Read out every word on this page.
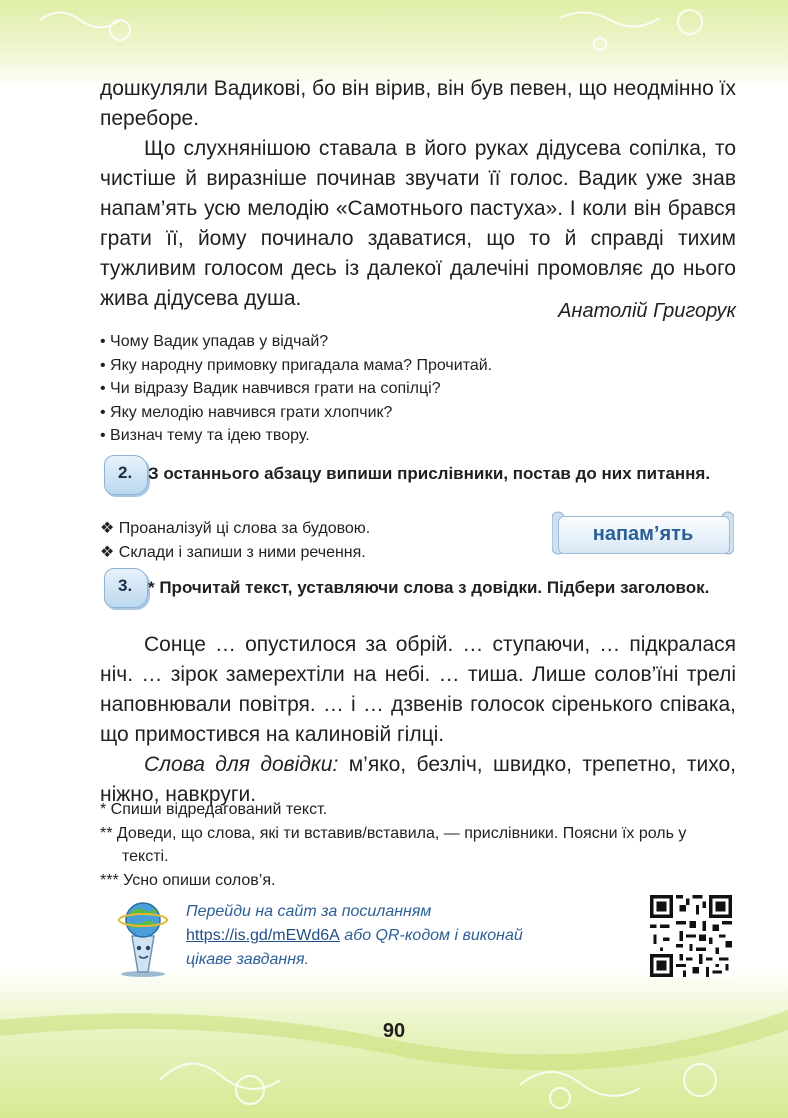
дошкуляли Вадикові, бо він вірив, він був певен, що неодмінно їх переборе.

Що слухнянішою ставала в його руках дідусева сопілка, то чистіше й виразніше починав звучати її голос. Вадик уже знав напам’ять усю мелодію «Самотнього пастуха». І коли він брався грати її, йому починало здаватися, що то й справді тихим тужливим голосом десь із далекої далечіні промовляє до нього жива дідусева душа.

Анатолій Григорук

• Чому Вадик упадав у відчай?
• Яку народну примовку пригадала мама? Прочитай.
• Чи відразу Вадик навчився грати на сопілці?
• Яку мелодію навчився грати хлопчик?
• Визнач тему та ідею твору.
2. З останнього абзацу випиши прислівники, постав до них питання.

❖ Проаналізуй ці слова за будовою.

❖ Склади і запиши з ними речення.

напам’ять
3. * Прочитай текст, уставляючи слова з довідки. Підбери заголовок.

Сонце … опустилося за обрій. … ступаючи, … підкралася ніч. … зірок замерехтіли на небі. … тиша. Лише солов’їні трелі наповнювали повітря. … і … дзвенів голосок сіренького співака, що примостився на калиновій гілці.

Слова для довідки: м’яко, безліч, швидко, трепетно, тихо, ніжно, навкруги.

* Спиши відредагований текст.
** Доведи, що слова, які ти вставив/вставила, — прислівники. Поясни їх роль у тексті.
*** Усно опиши солов’я.
Перейди на сайт за посиланням
https://is.gd/mEWd6A або QR-кодом і виконай
цікаве завдання.
90
